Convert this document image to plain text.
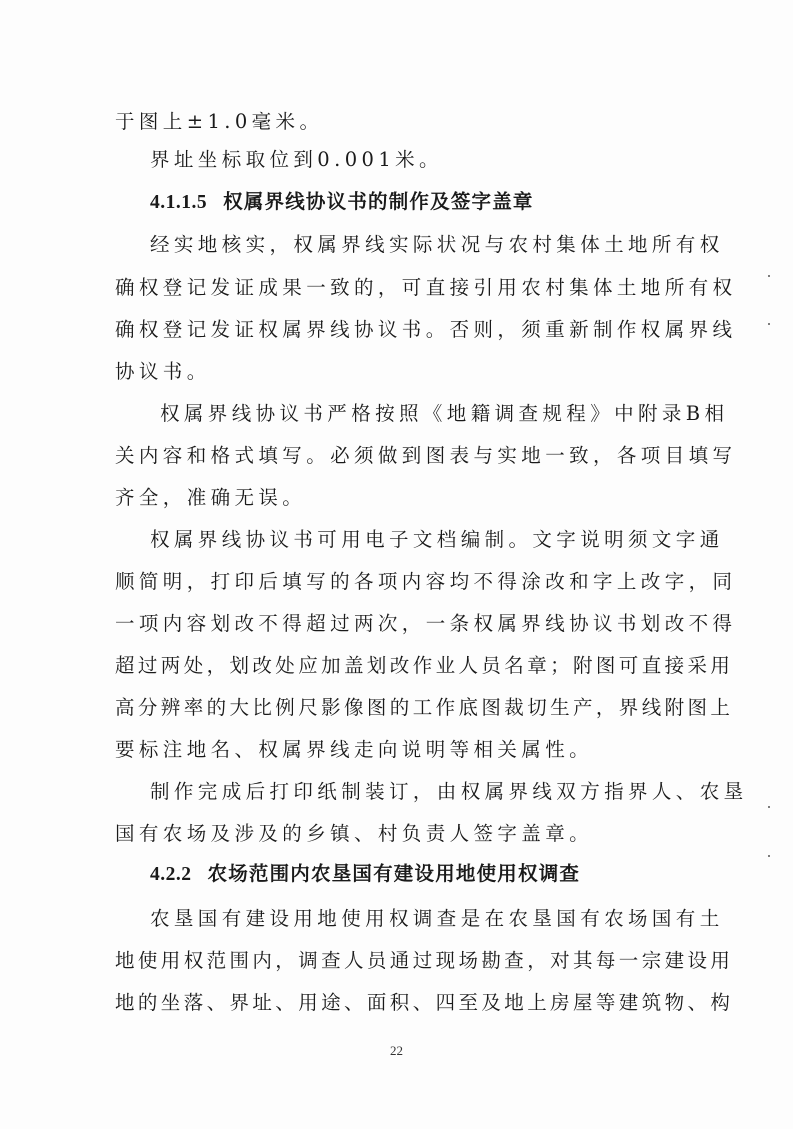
于图上±1.0毫米。
界址坐标取位到0.001米。
4.1.1.5 权属界线协议书的制作及签字盖章
经实地核实，权属界线实际状况与农村集体土地所有权
确权登记发证成果一致的，可直接引用农村集体土地所有权
确权登记发证权属界线协议书。否则，须重新制作权属界线
协议书。
权属界线协议书严格按照《地籍调查规程》中附录B相
关内容和格式填写。必须做到图表与实地一致，各项目填写
齐全，准确无误。
权属界线协议书可用电子文档编制。文字说明须文字通
顺简明，打印后填写的各项内容均不得涂改和字上改字，同
一项内容划改不得超过两次，一条权属界线协议书划改不得
超过两处，划改处应加盖划改作业人员名章；附图可直接采用
高分辨率的大比例尺影像图的工作底图裁切生产，界线附图上
要标注地名、权属界线走向说明等相关属性。
制作完成后打印纸制装订，由权属界线双方指界人、农垦
国有农场及涉及的乡镇、村负责人签字盖章。
4.2.2 农场范围内农垦国有建设用地使用权调查
农垦国有建设用地使用权调查是在农垦国有农场国有土
地使用权范围内，调查人员通过现场勘查，对其每一宗建设用
地的坐落、界址、用途、面积、四至及地上房屋等建筑物、构
22
